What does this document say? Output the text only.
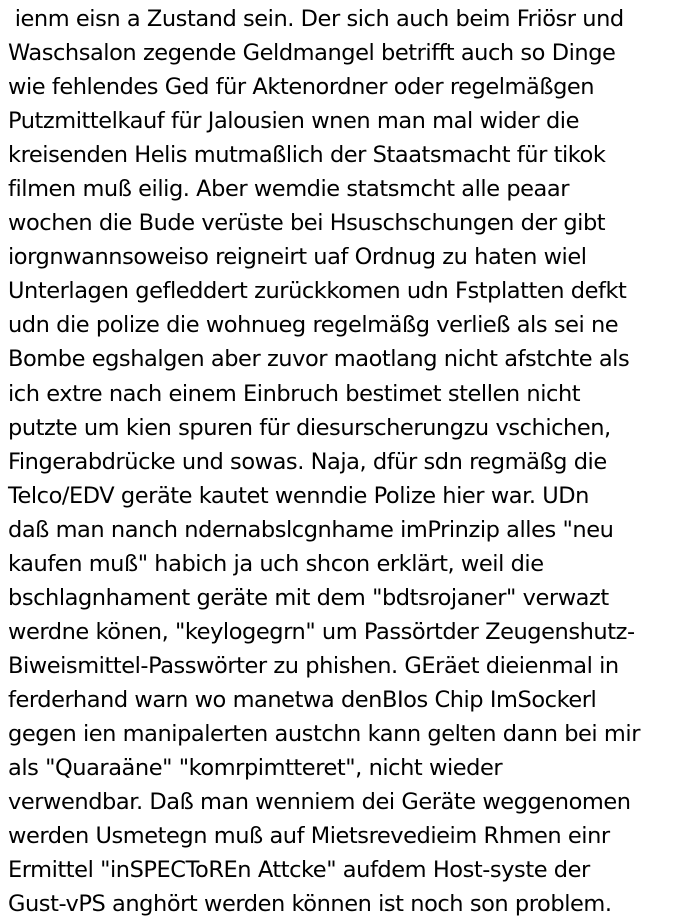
ienm eisn a Zustand sein. Der sich auch beim Friösr und
Waschsalon zegende Geldmangel betrifft auch so Dinge
wie fehlendes Ged für Aktenordner oder regelmäßgen
Putzmittelkauf für Jalousien wnen man mal wider die
kreisenden Helis mutmaßlich der Staatsmacht für tikok
filmen muß eilig. Aber wemdie statsmcht alle peaar
wochen die Bude verüste bei Hsuschschungen der gibt
iorgnwannsoweiso reigneirt uaf Ordnug zu haten wiel
Unterlagen gefleddert zurückkomen udn Fstplatten defkt
udn die polize die wohnueg regelmäßg verließ als sei ne
Bombe egshalgen aber zuvor maotlang nicht afstchte als
ich extre nach einem Einbruch bestimet stellen nicht
putzte um kien spuren für diesurscherungzu vschichen,
Fingerabdrücke und sowas. Naja, dfür sdn regmäßg die
Telco/EDV geräte kautet wenndie Polize hier war. UDn
daß man nanch ndernabslcgnhame imPrinzip alles "neu
kaufen muß" habich ja uch shcon erklärt, weil die
bschlagnhament geräte mit dem "bdtsrojaner" verwazt
werdne könen, "keylogegrn" um Passörtder Zeugenshutz-
Biweismittel-Passwörter zu phishen. GEräet dieienmal in
ferderhand warn wo manetwa denBIos Chip ImSockerl
gegen ien manipalerten austchn kann gelten dann bei mir
als "Quaraäne" "komrpimtteret", nicht wieder
verwendbar. Daß man wenniem dei Geräte weggenomen
werden Usmetegn muß auf Mietsrevedieim Rhmen einr
Ermittel "inSPECToREn Attcke" aufdem Host-syste der
Gust-vPS anghört werden können ist noch son problem.
